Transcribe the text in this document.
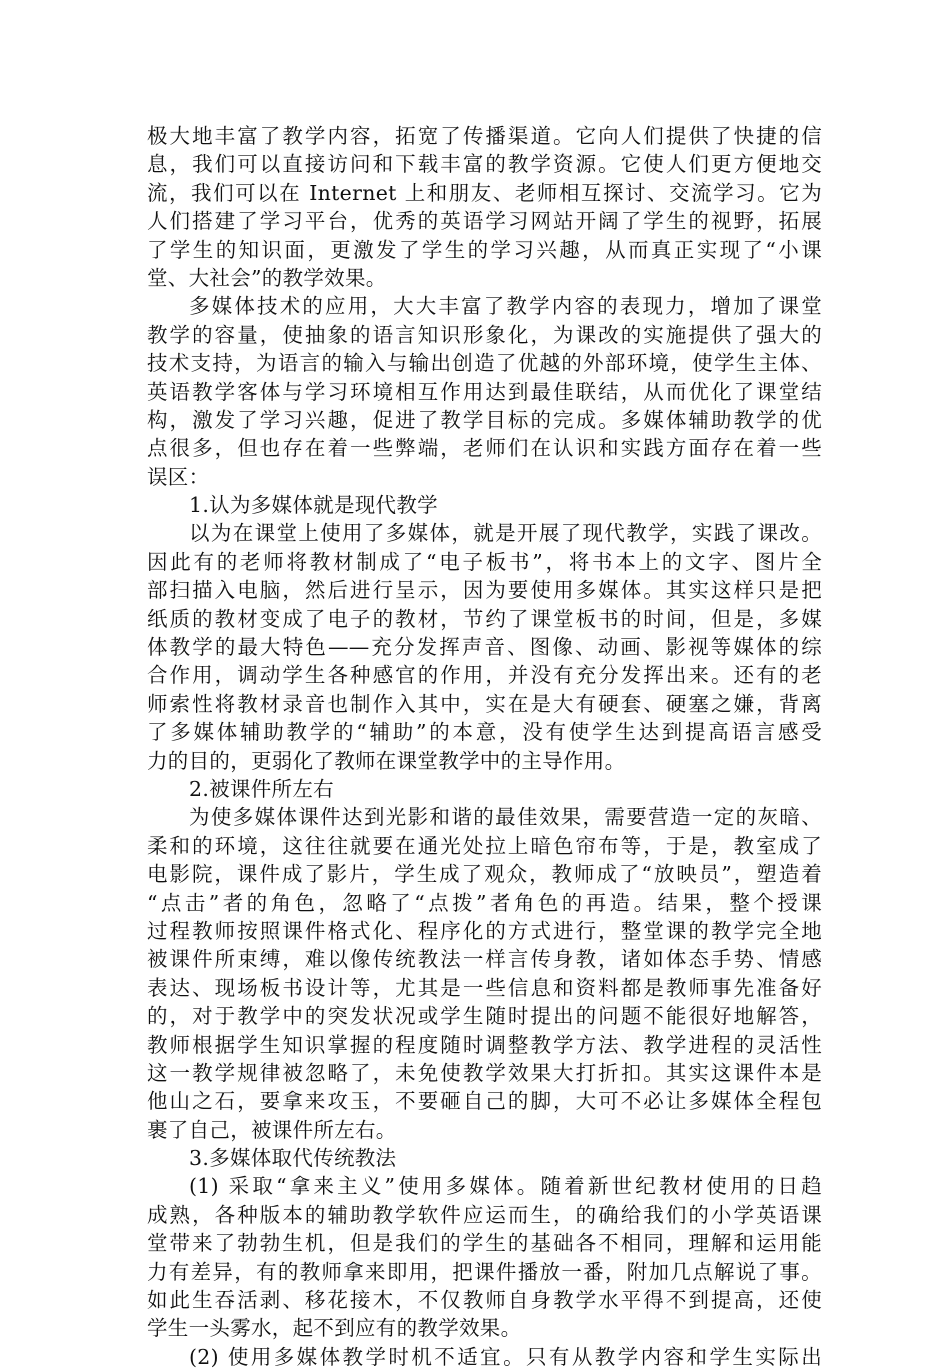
极大地丰富了教学内容，拓宽了传播渠道。它向人们提供了快捷的信
息，我们可以直接访问和下载丰富的教学资源。它使人们更方便地交
流，我们可以在 Internet 上和朋友、老师相互探讨、交流学习。它为
人们搭建了学习平台，优秀的英语学习网站开阔了学生的视野，拓展
了学生的知识面，更激发了学生的学习兴趣，从而真正实现了“小课
堂、大社会”的教学效果。
多媒体技术的应用，大大丰富了教学内容的表现力，增加了课堂
教学的容量，使抽象的语言知识形象化，为课改的实施提供了强大的
技术支持，为语言的输入与输出创造了优越的外部环境，使学生主体、
英语教学客体与学习环境相互作用达到最佳联结，从而优化了课堂结
构，激发了学习兴趣，促进了教学目标的完成。多媒体辅助教学的优
点很多，但也存在着一些弊端，老师们在认识和实践方面存在着一些
误区：
1.认为多媒体就是现代教学
以为在课堂上使用了多媒体，就是开展了现代教学，实践了课改。
因此有的老师将教材制成了“电子板书”，将书本上的文字、图片全
部扫描入电脑，然后进行呈示，因为要使用多媒体。其实这样只是把
纸质的教材变成了电子的教材，节约了课堂板书的时间，但是，多媒
体教学的最大特色——充分发挥声音、图像、动画、影视等媒体的综
合作用，调动学生各种感官的作用，并没有充分发挥出来。还有的老
师索性将教材录音也制作入其中，实在是大有硬套、硬塞之嫌，背离
了多媒体辅助教学的“辅助”的本意，没有使学生达到提高语言感受
力的目的，更弱化了教师在课堂教学中的主导作用。
2.被课件所左右
为使多媒体课件达到光影和谐的最佳效果，需要营造一定的灰暗、
柔和的环境，这往往就要在通光处拉上暗色帘布等，于是，教室成了
电影院，课件成了影片，学生成了观众，教师成了“放映员”，塑造着
“点击”者的角色，忽略了“点拨”者角色的再造。结果，整个授课
过程教师按照课件格式化、程序化的方式进行，整堂课的教学完全地
被课件所束缚，难以像传统教法一样言传身教，诸如体态手势、情感
表达、现场板书设计等，尤其是一些信息和资料都是教师事先准备好
的，对于教学中的突发状况或学生随时提出的问题不能很好地解答，
教师根据学生知识掌握的程度随时调整教学方法、教学进程的灵活性
这一教学规律被忽略了，未免使教学效果大打折扣。其实这课件本是
他山之石，要拿来攻玉，不要砸自己的脚，大可不必让多媒体全程包
裹了自己，被课件所左右。
3.多媒体取代传统教法
(1) 采取“拿来主义”使用多媒体。随着新世纪教材使用的日趋
成熟，各种版本的辅助教学软件应运而生，的确给我们的小学英语课
堂带来了勃勃生机，但是我们的学生的基础各不相同，理解和运用能
力有差异，有的教师拿来即用，把课件播放一番，附加几点解说了事。
如此生吞活剥、移花接木，不仅教师自身教学水平得不到提高，还使
学生一头雾水，起不到应有的教学效果。
(2) 使用多媒体教学时机不适宜。只有从教学内容和学生实际出
